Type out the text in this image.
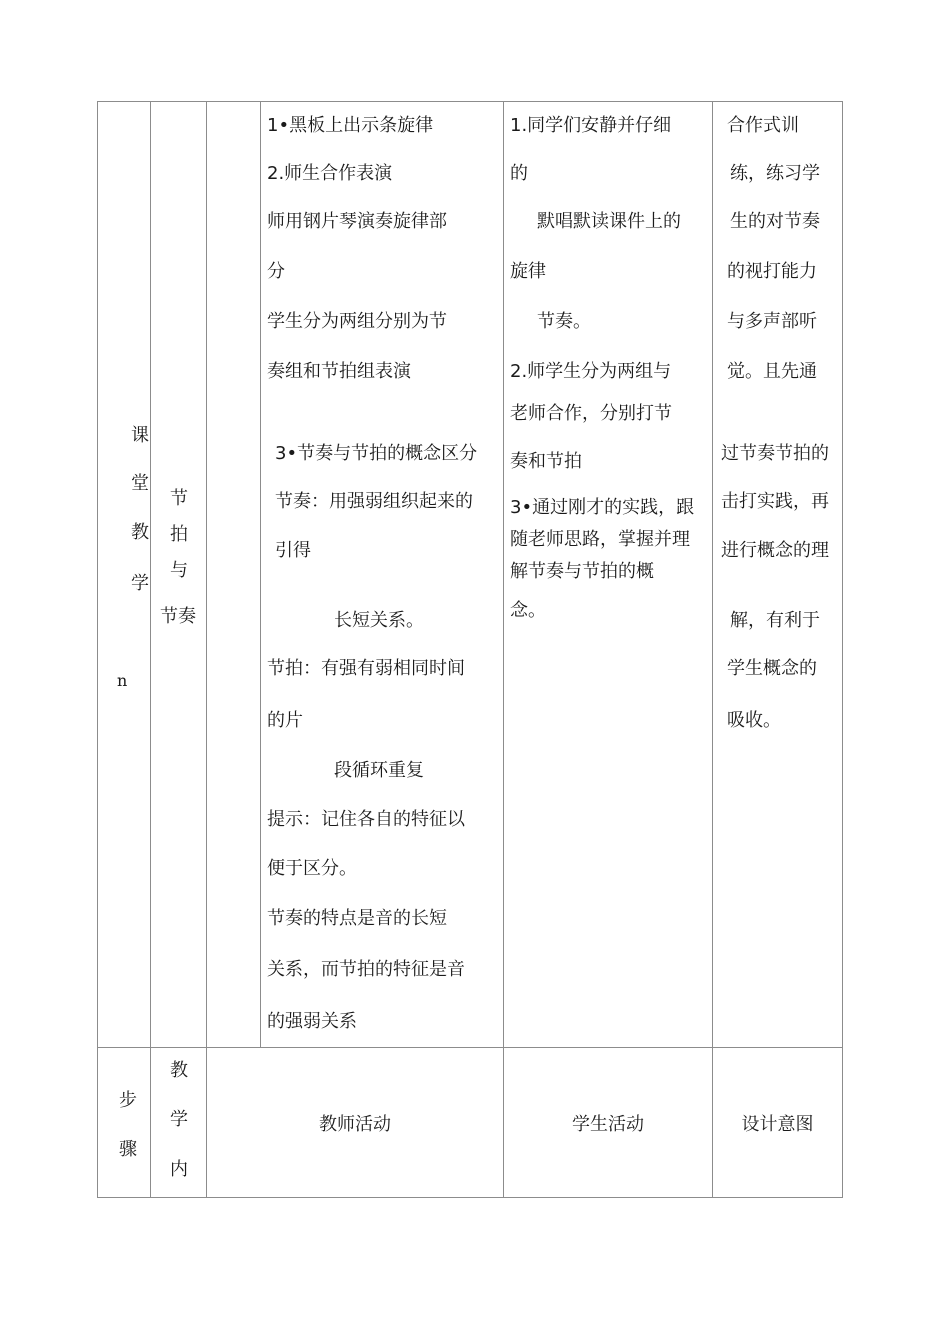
课
堂
教
学
n
节
拍
与
节奏
1•黑板上出示条旋律
2.师生合作表演
师用钢片琴演奏旋律部
分
学生分为两组分别为节
奏组和节拍组表演
3•节奏与节拍的概念区分
节奏：用强弱组织起来的
引得
长短关系。
节拍：有强有弱相同时间
的片
段循环重复
提示：记住各自的特征以
便于区分。
节奏的特点是音的长短
关系，而节拍的特征是音
的强弱关系
1.同学们安静并仔细
的
默唱默读课件上的
旋律
节奏。
2.师学生分为两组与
老师合作，分别打节
奏和节拍
3•通过刚才的实践，跟
随老师思路，掌握并理
解节奏与节拍的概
念。
合作式训
练，练习学
生的对节奏
的视打能力
与多声部听
觉。且先通
过节奏节拍的
击打实践，再
进行概念的理
解，有利于
学生概念的
吸收。
步
骤
教
学
内
教师活动	学生活动	设计意图
